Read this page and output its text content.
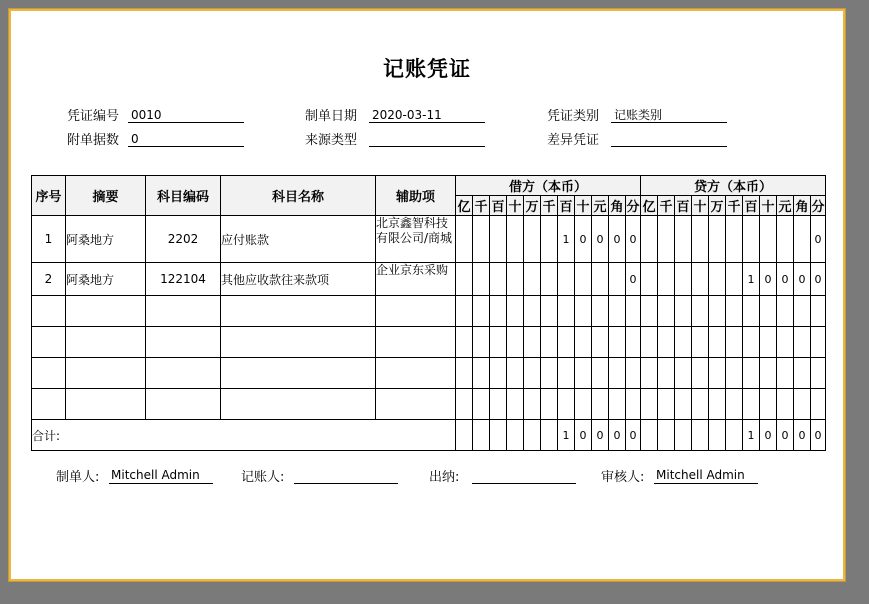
记账凭证
凭证编号 0010	制单日期 2020-03-11	凭证类别 记账类别
附单据数 0	来源类型	差异凭证
序号	摘要	科目编码	科目名称	辅助项	借方（本币）											贷方（本币）										
					亿	千	百	十	万	千	百	十	元	角	分	亿	千	百	十	万	千	百	十	元	角	分
1	阿桑地方	2202	应付账款	北京鑫智科技有限公司/商城							1	0	0	0	0											0
2	阿桑地方	122104	其他应收款往来款项	企业京东采购											0							1	0	0	0	0

合计:											1	0	0	0	0							1	0	0	0	0
制单人: Mitchell Admin	记账人:	出纳:	审核人: Mitchell Admin
